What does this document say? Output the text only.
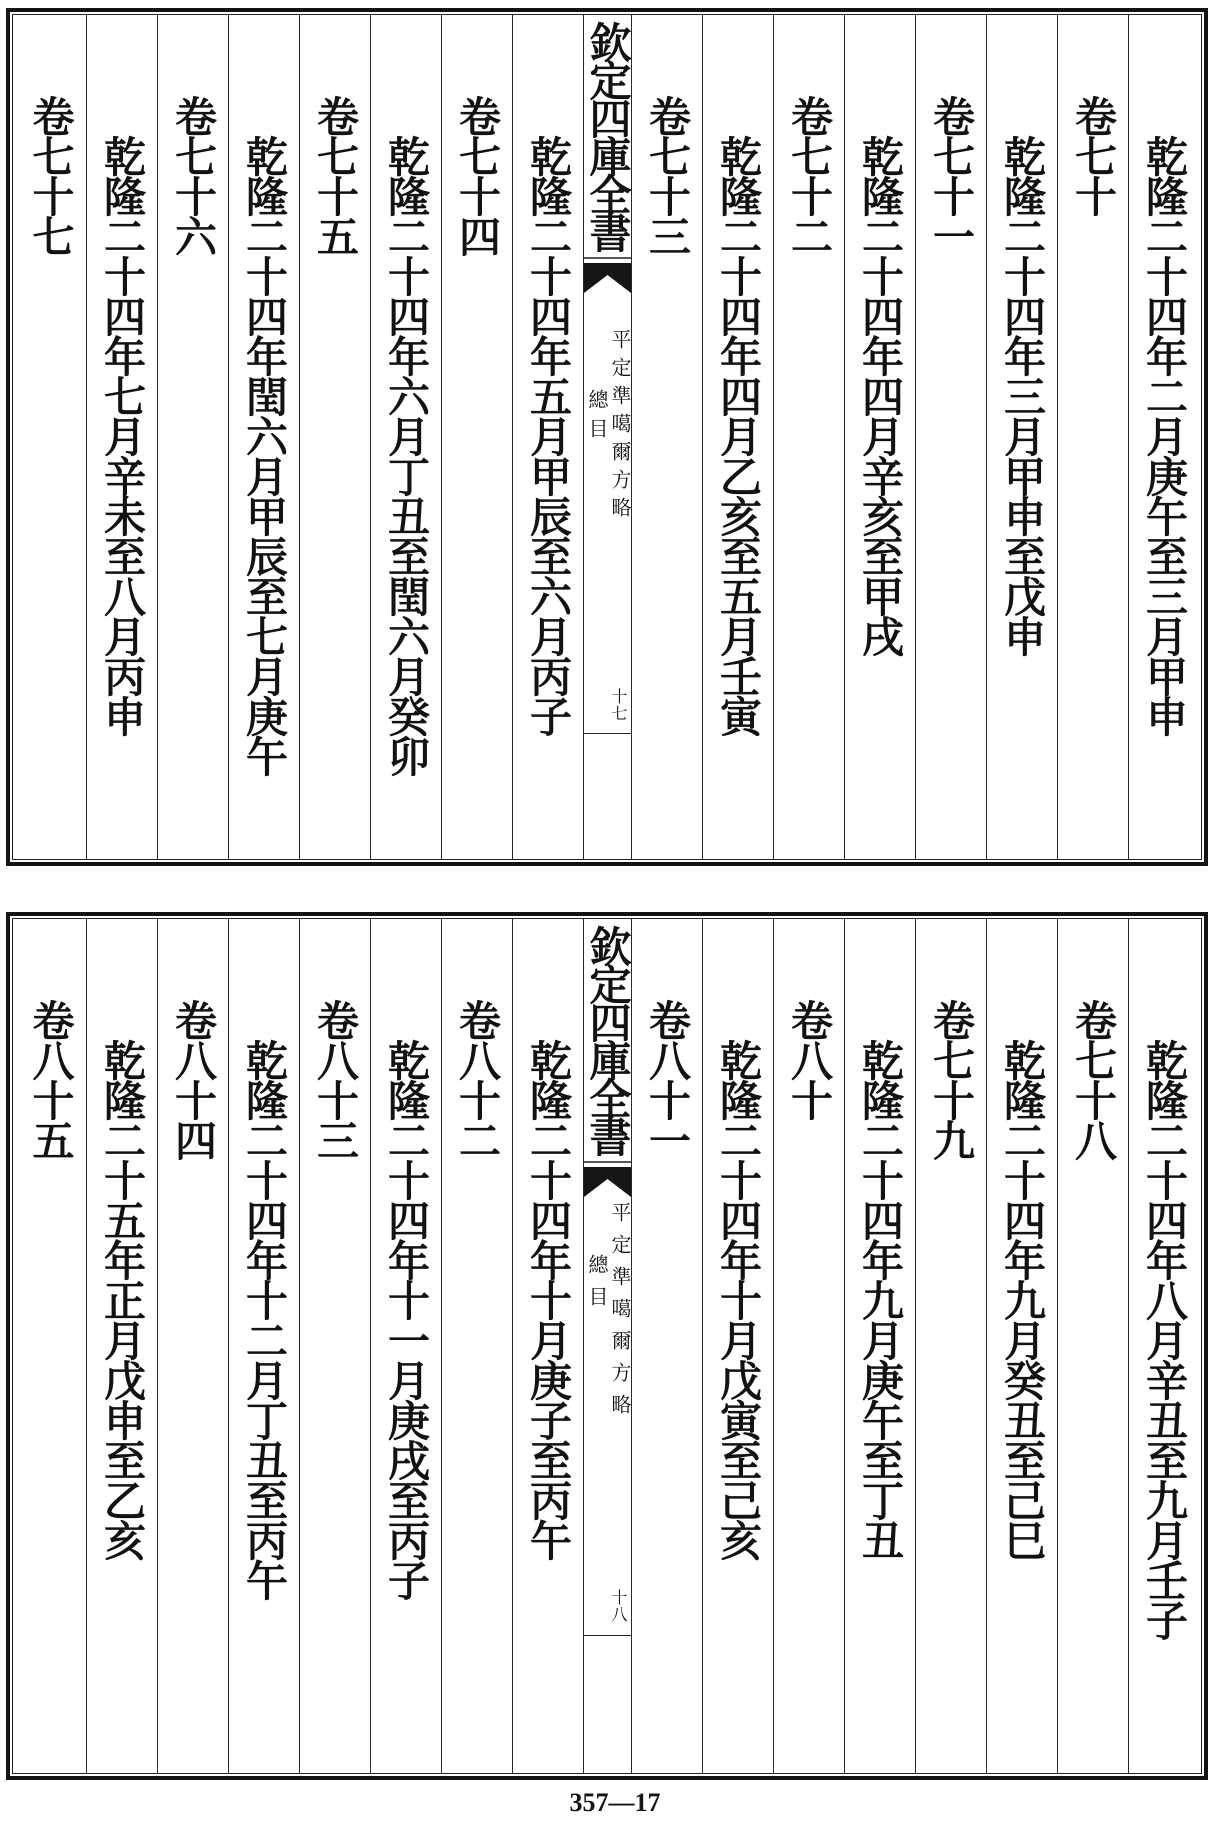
乾隆二十四年二月庚午至三月甲申
卷七十
乾隆二十四年三月甲申至戊申
卷七十一
乾隆二十四年四月辛亥至甲戌
卷七十二
乾隆二十四年四月乙亥至五月壬寅
卷七十三
欽定四庫全書
平定準噶爾方略
總目
十七
乾隆二十四年五月甲辰至六月丙子
卷七十四
乾隆二十四年六月丁丑至閏六月癸卯
卷七十五
乾隆二十四年閏六月甲辰至七月庚午
卷七十六
乾隆二十四年七月辛未至八月丙申
卷七十七
乾隆二十四年八月辛丑至九月壬子
卷七十八
乾隆二十四年九月癸丑至己巳
卷七十九
乾隆二十四年九月庚午至丁丑
卷八十
乾隆二十四年十月戊寅至己亥
卷八十一
欽定四庫全書
平定準噶爾方略
總目
十八
乾隆二十四年十月庚子至丙午
卷八十二
乾隆二十四年十一月庚戌至丙子
卷八十三
乾隆二十四年十二月丁丑至丙午
卷八十四
乾隆二十五年正月戊申至乙亥
卷八十五
357—17
